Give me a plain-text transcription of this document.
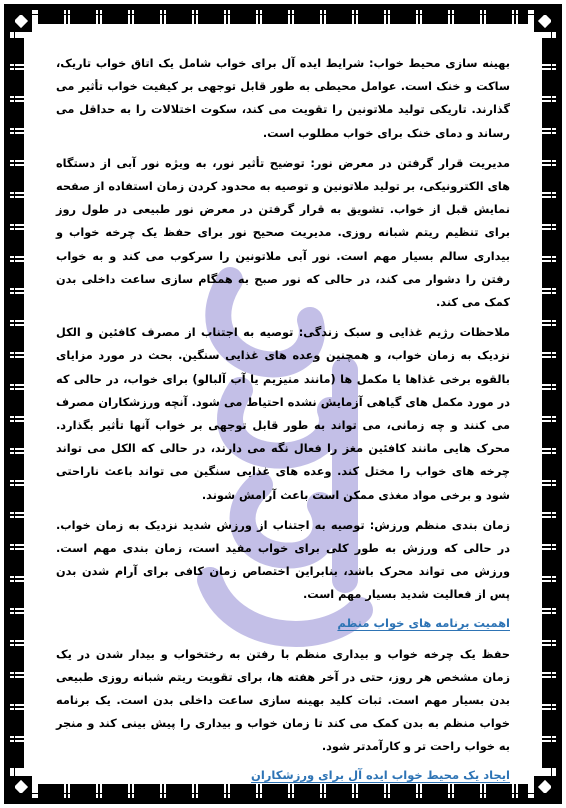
بهینه سازی محیط خواب: شرایط ایده آل برای خواب شامل یک اتاق خواب تاریک، ساکت و خنک است. عوامل محیطی به طور قابل توجهی بر کیفیت خواب تأثیر می گذارند. تاریکی تولید ملاتونین را تقویت می کند، سکوت اختلالات را به حداقل می رساند و دمای خنک برای خواب مطلوب است.

مدیریت قرار گرفتن در معرض نور: توضیح تأثیر نور، به ویژه نور آبی از دستگاه های الکترونیکی، بر تولید ملاتونین و توصیه به محدود کردن زمان استفاده از صفحه نمایش قبل از خواب. تشویق به قرار گرفتن در معرض نور طبیعی در طول روز برای تنظیم ریتم شبانه روزی. مدیریت صحیح نور برای حفظ یک چرخه خواب و بیداری سالم بسیار مهم است. نور آبی ملاتونین را سرکوب می کند و به خواب رفتن را دشوار می کند، در حالی که نور صبح به همگام سازی ساعت داخلی بدن کمک می کند.

ملاحظات رژیم غذایی و سبک زندگی: توصیه به اجتناب از مصرف کافئین و الکل نزدیک به زمان خواب، و همچنین وعده های غذایی سنگین. بحث در مورد مزایای بالقوه برخی غذاها یا مکمل ها (مانند منیزیم یا آب آلبالو) برای خواب، در حالی که در مورد مکمل های گیاهی آزمایش نشده احتیاط می شود. آنچه ورزشکاران مصرف می کنند و چه زمانی، می تواند به طور قابل توجهی بر خواب آنها تأثیر بگذارد. محرک هایی مانند کافئین مغز را فعال نگه می دارند، در حالی که الکل می تواند چرخه های خواب را مختل کند. وعده های غذایی سنگین می تواند باعث ناراحتی شود و برخی مواد مغذی ممکن است باعث آرامش شوند.

زمان بندی منظم ورزش: توصیه به اجتناب از ورزش شدید نزدیک به زمان خواب. در حالی که ورزش به طور کلی برای خواب مفید است، زمان بندی مهم است. ورزش می تواند محرک باشد، بنابراین اختصاص زمان کافی برای آرام شدن بدن پس از فعالیت شدید بسیار مهم است.

اهمیت برنامه های خواب منظم

حفظ یک چرخه خواب و بیداری منظم با رفتن به رختخواب و بیدار شدن در یک زمان مشخص هر روز، حتی در آخر هفته ها، برای تقویت ریتم شبانه روزی طبیعی بدن بسیار مهم است. ثبات کلید بهینه سازی ساعت داخلی بدن است. یک برنامه خواب منظم به بدن کمک می کند تا زمان خواب و بیداری را پیش بینی کند و منجر به خواب راحت تر و کارآمدتر شود.

ایجاد یک محیط خواب ایده آل برای ورزشکاران
